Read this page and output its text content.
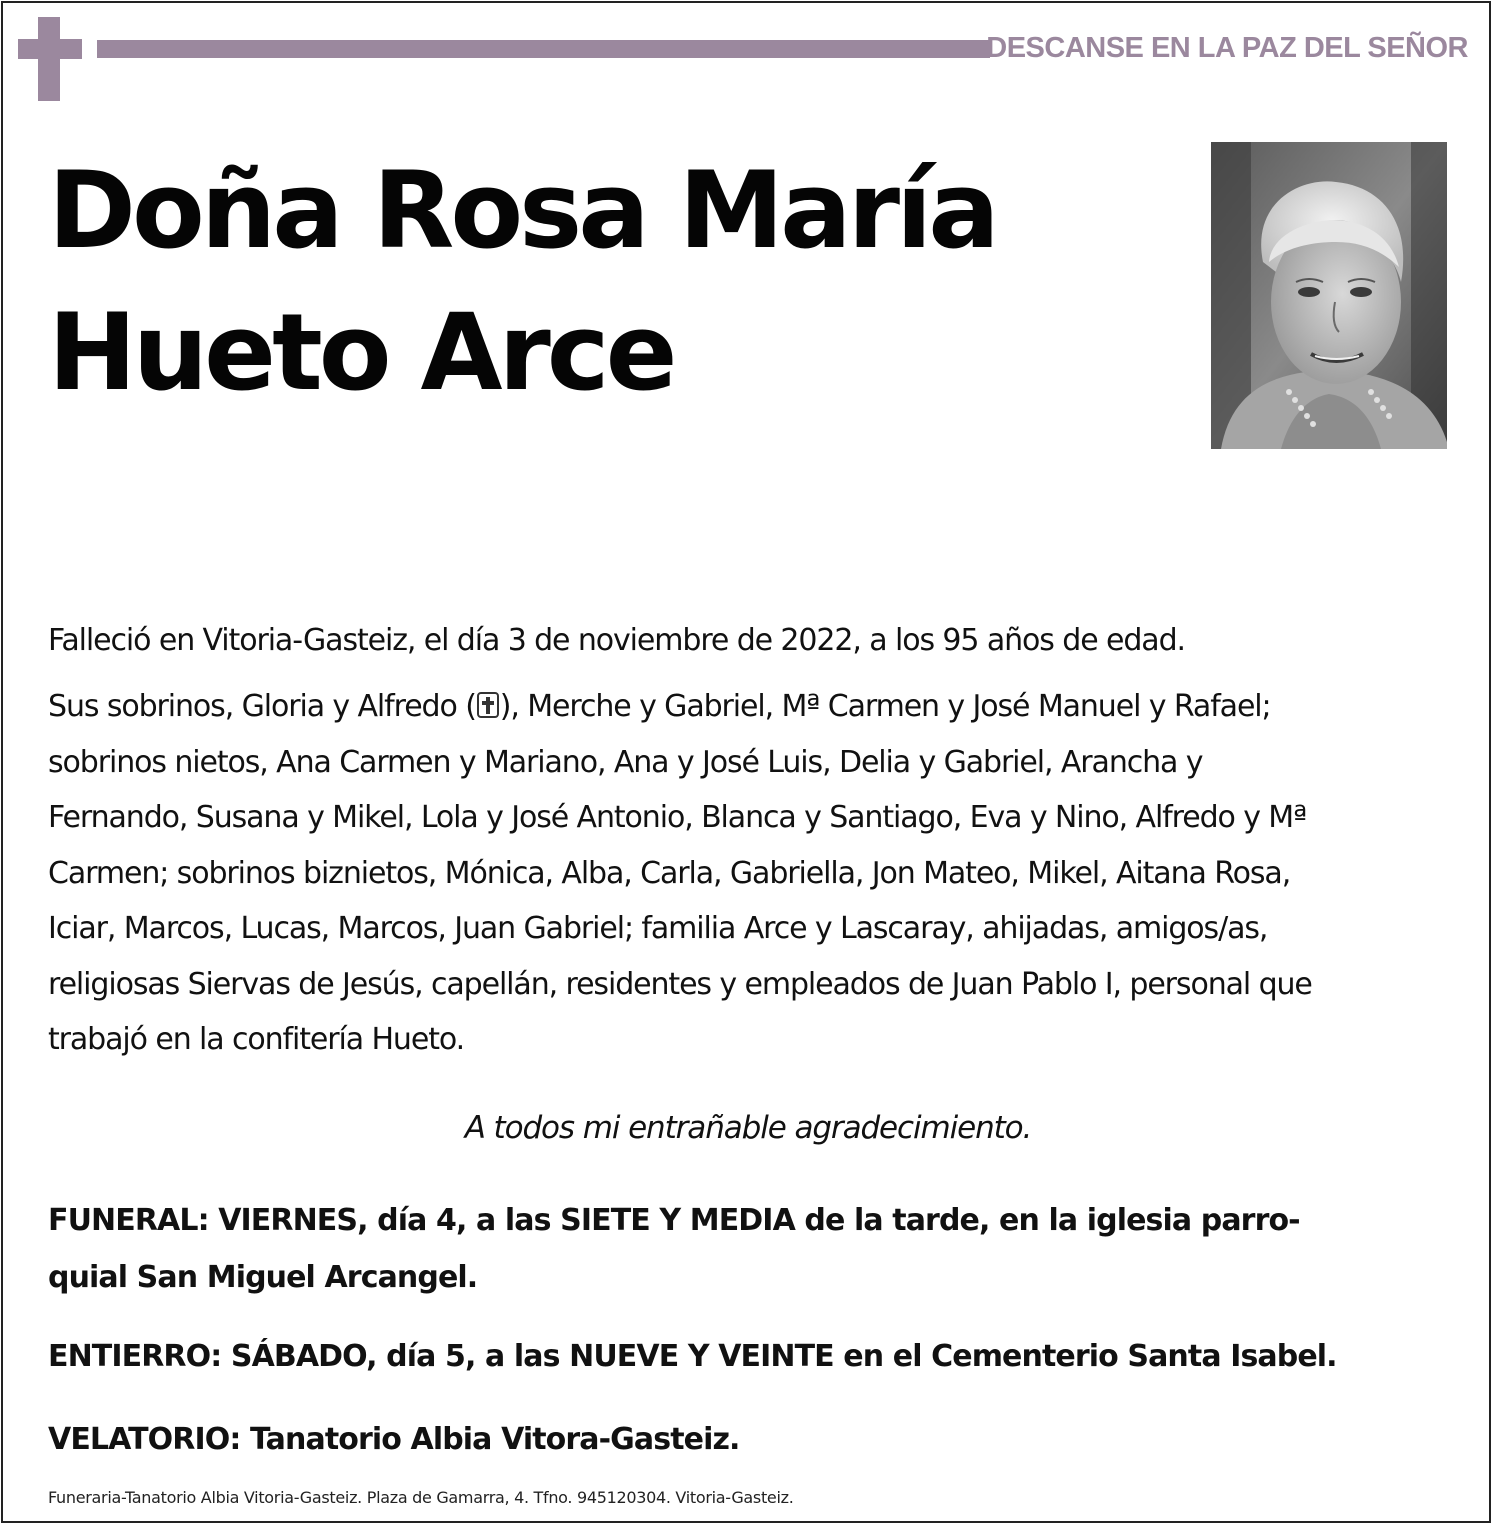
DESCANSE EN LA PAZ DEL SEÑOR
Doña Rosa María
Hueto Arce

Falleció en Vitoria-Gasteiz, el día 3 de noviembre de 2022, a los 95 años de edad.

Sus sobrinos, Gloria y Alfredo ( ), Merche y Gabriel, Mª Carmen y José Manuel y Rafael;
sobrinos nietos, Ana Carmen y Mariano, Ana y José Luis, Delia y Gabriel, Arancha y
Fernando, Susana y Mikel, Lola y José Antonio, Blanca y Santiago, Eva y Nino, Alfredo y Mª
Carmen; sobrinos biznietos, Mónica, Alba, Carla, Gabriella, Jon Mateo, Mikel, Aitana Rosa,
Iciar, Marcos, Lucas, Marcos, Juan Gabriel; familia Arce y Lascaray, ahijadas, amigos/as,
religiosas Siervas de Jesús, capellán, residentes y empleados de Juan Pablo I, personal que
trabajó en la confitería Hueto.

A todos mi entrañable agradecimiento.
FUNERAL: VIERNES, día 4, a las SIETE Y MEDIA de la tarde, en la iglesia parro-
quial San Miguel Arcangel.
ENTIERRO: SÁBADO, día 5, a las NUEVE Y VEINTE en el Cementerio Santa Isabel.
VELATORIO: Tanatorio Albia Vitora-Gasteiz.
Funeraria-Tanatorio Albia Vitoria-Gasteiz. Plaza de Gamarra, 4. Tfno. 945120304. Vitoria-Gasteiz.
